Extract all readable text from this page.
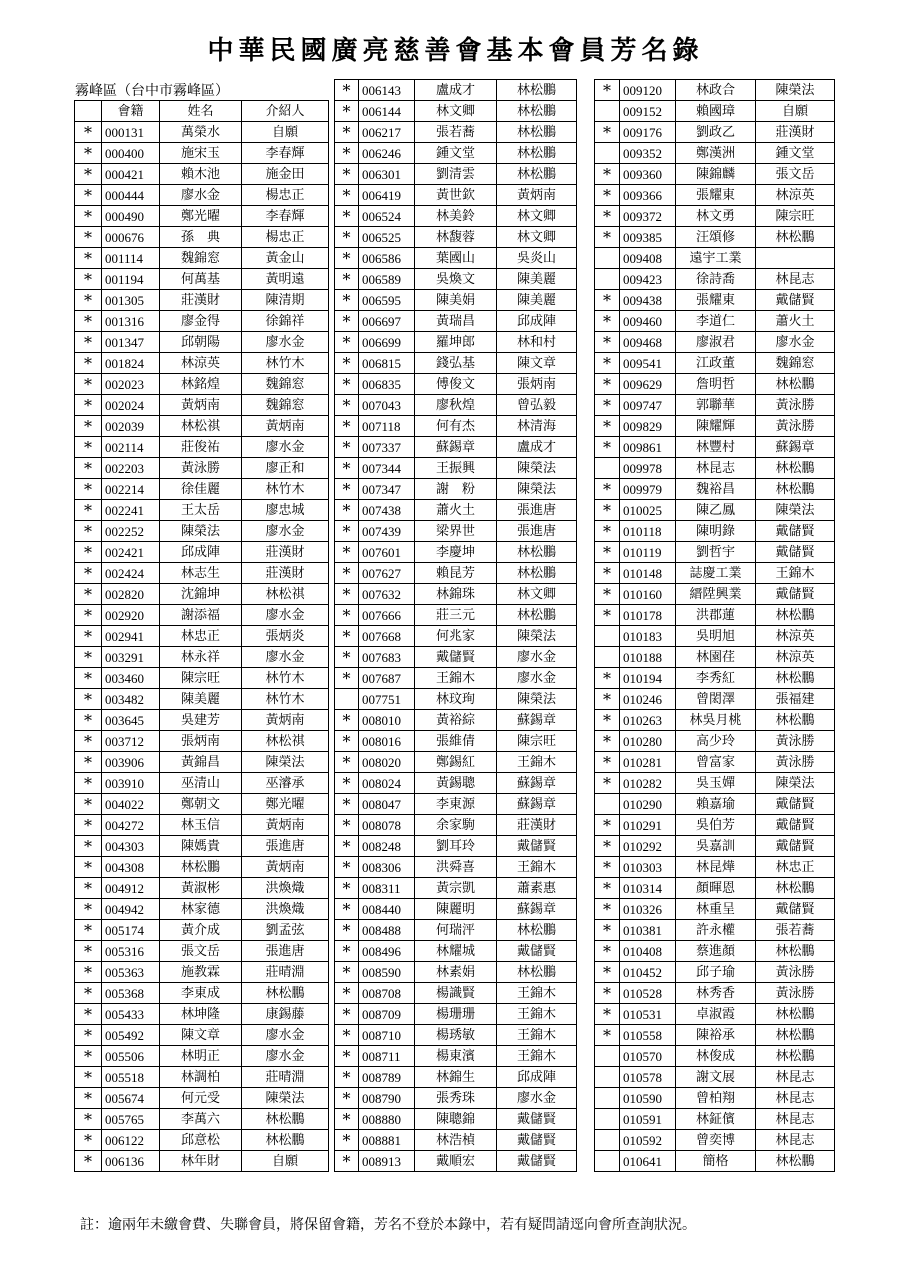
中華民國廣亮慈善會基本會員芳名錄
霧峰區（台中市霧峰區）
	會籍	姓名	介紹人
*	000131	萬榮水	自願
*	000400	施宋玉	李春輝
*	000421	賴木池	施金田
*	000444	廖水金	楊忠正
*	000490	鄭光曜	李春輝
*	000676	孫　典	楊忠正
*	001114	魏錦窓	黃金山
*	001194	何萬基	黃明遠
*	001305	莊漢財	陳清期
*	001316	廖金得	徐錦祥
*	001347	邱朝陽	廖水金
*	001824	林涼英	林竹木
*	002023	林銘煌	魏錦窓
*	002024	黃炳南	魏錦窓
*	002039	林松祺	黃炳南
*	002114	莊俊祐	廖水金
*	002203	黃泳勝	廖正和
*	002214	徐佳麗	林竹木
*	002241	王太岳	廖忠城
*	002252	陳榮法	廖水金
*	002421	邱成陣	莊漢財
*	002424	林志生	莊漢財
*	002820	沈錦坤	林松祺
*	002920	謝添福	廖水金
*	002941	林忠正	張炳炎
*	003291	林永祥	廖水金
*	003460	陳宗旺	林竹木
*	003482	陳美麗	林竹木
*	003645	吳建芳	黃炳南
*	003712	張炳南	林松祺
*	003906	黃錦昌	陳榮法
*	003910	巫清山	巫濬承
*	004022	鄭朝文	鄭光曜
*	004272	林玉信	黃炳南
*	004303	陳媽貴	張進唐
*	004308	林松鵬	黃炳南
*	004912	黃淑彬	洪煥熾
*	004942	林家德	洪煥熾
*	005174	黃介成	劉孟弦
*	005316	張文岳	張進唐
*	005363	施教霖	莊晴淵
*	005368	李東成	林松鵬
*	005433	林坤隆	康錫藤
*	005492	陳文章	廖水金
*	005506	林明正	廖水金
*	005518	林調柏	莊晴淵
*	005674	何元受	陳榮法
*	005765	李萬六	林松鵬
*	006122	邱意松	林松鵬
*	006136	林年財	自願
*	006143	盧成才	林松鵬
*	006144	林文卿	林松鵬
*	006217	張若蕎	林松鵬
*	006246	鍾文堂	林松鵬
*	006301	劉清雲	林松鵬
*	006419	黃世欽	黃炳南
*	006524	林美鈴	林文卿
*	006525	林馥蓉	林文卿
*	006586	葉國山	吳炎山
*	006589	吳煥文	陳美麗
*	006595	陳美娟	陳美麗
*	006697	黃瑞昌	邱成陣
*	006699	羅坤郎	林和村
*	006815	錢弘基	陳文章
*	006835	傅俊文	張炳南
*	007043	廖秋煌	曾弘毅
*	007118	何有杰	林清海
*	007337	蘇錫章	盧成才
*	007344	王振興	陳榮法
*	007347	謝　粉	陳榮法
*	007438	蕭火土	張進唐
*	007439	梁界世	張進唐
*	007601	李慶坤	林松鵬
*	007627	賴昆芳	林松鵬
*	007632	林錦珠	林文卿
*	007666	莊三元	林松鵬
*	007668	何兆家	陳榮法
*	007683	戴儲賢	廖水金
*	007687	王錦木	廖水金
	007751	林玟珣	陳榮法
*	008010	黃裕綜	蘇錫章
*	008016	張維倩	陳宗旺
*	008020	鄭錫紅	王錦木
*	008024	黃錫聰	蘇錫章
*	008047	李東源	蘇錫章
*	008078	余家駒	莊漢財
*	008248	劉耳玲	戴儲賢
*	008306	洪舜喜	王錦木
*	008311	黃宗凱	蕭素惠
*	008440	陳麗明	蘇錫章
*	008488	何瑞泙	林松鵬
*	008496	林耀城	戴儲賢
*	008590	林素娟	林松鵬
*	008708	楊識賢	王錦木
*	008709	楊珊珊	王錦木
*	008710	楊琇敏	王錦木
*	008711	楊東濱	王錦木
*	008789	林錦生	邱成陣
*	008790	張秀珠	廖水金
*	008880	陳聰錦	戴儲賢
*	008881	林浩楨	戴儲賢
*	008913	戴順宏	戴儲賢
*	009120	林政合	陳榮法
	009152	賴國璋	自願
*	009176	劉政乙	莊漢財
	009352	鄭漢洲	鍾文堂
*	009360	陳錦麟	張文岳
*	009366	張耀東	林涼英
*	009372	林文勇	陳宗旺
*	009385	汪頌修	林松鵬
	009408	遠宇工業	
	009423	徐詩喬	林昆志
*	009438	張耀東	戴儲賢
*	009460	李道仁	蕭火土
*	009468	廖淑君	廖水金
*	009541	江政董	魏錦窓
*	009629	詹明哲	林松鵬
*	009747	郭聯華	黃泳勝
*	009829	陳耀輝	黃泳勝
*	009861	林豐村	蘇錫章
	009978	林昆志	林松鵬
*	009979	魏裕昌	林松鵬
*	010025	陳乙鳳	陳榮法
*	010118	陳明錄	戴儲賢
*	010119	劉哲宇	戴儲賢
*	010148	誌慶工業	王錦木
*	010160	縉陞興業	戴儲賢
*	010178	洪郡蓮	林松鵬
	010183	吳明旭	林涼英
	010188	林園荏	林涼英
*	010194	李秀紅	林松鵬
*	010246	曾閎澤	張福建
*	010263	林吳月桃	林松鵬
*	010280	高少玲	黃泳勝
*	010281	曾富家	黃泳勝
*	010282	吳玉嬋	陳榮法
	010290	賴嘉瑜	戴儲賢
*	010291	吳伯芳	戴儲賢
*	010292	吳嘉訓	戴儲賢
*	010303	林昆燁	林忠正
*	010314	顏暉恩	林松鵬
*	010326	林重呈	戴儲賢
*	010381	許永權	張若蕎
*	010408	蔡進顏	林松鵬
*	010452	邱子瑜	黃泳勝
*	010528	林秀香	黃泳勝
*	010531	卓淑霞	林松鵬
*	010558	陳裕承	林松鵬
	010570	林俊成	林松鵬
	010578	謝文展	林昆志
	010590	曾柏翔	林昆志
	010591	林鉦儐	林昆志
	010592	曾奕博	林昆志
	010641	簡格	林松鵬
註：逾兩年未繳會費、失聯會員，將保留會籍，芳名不登於本錄中，若有疑問請逕向會所查詢狀況。
